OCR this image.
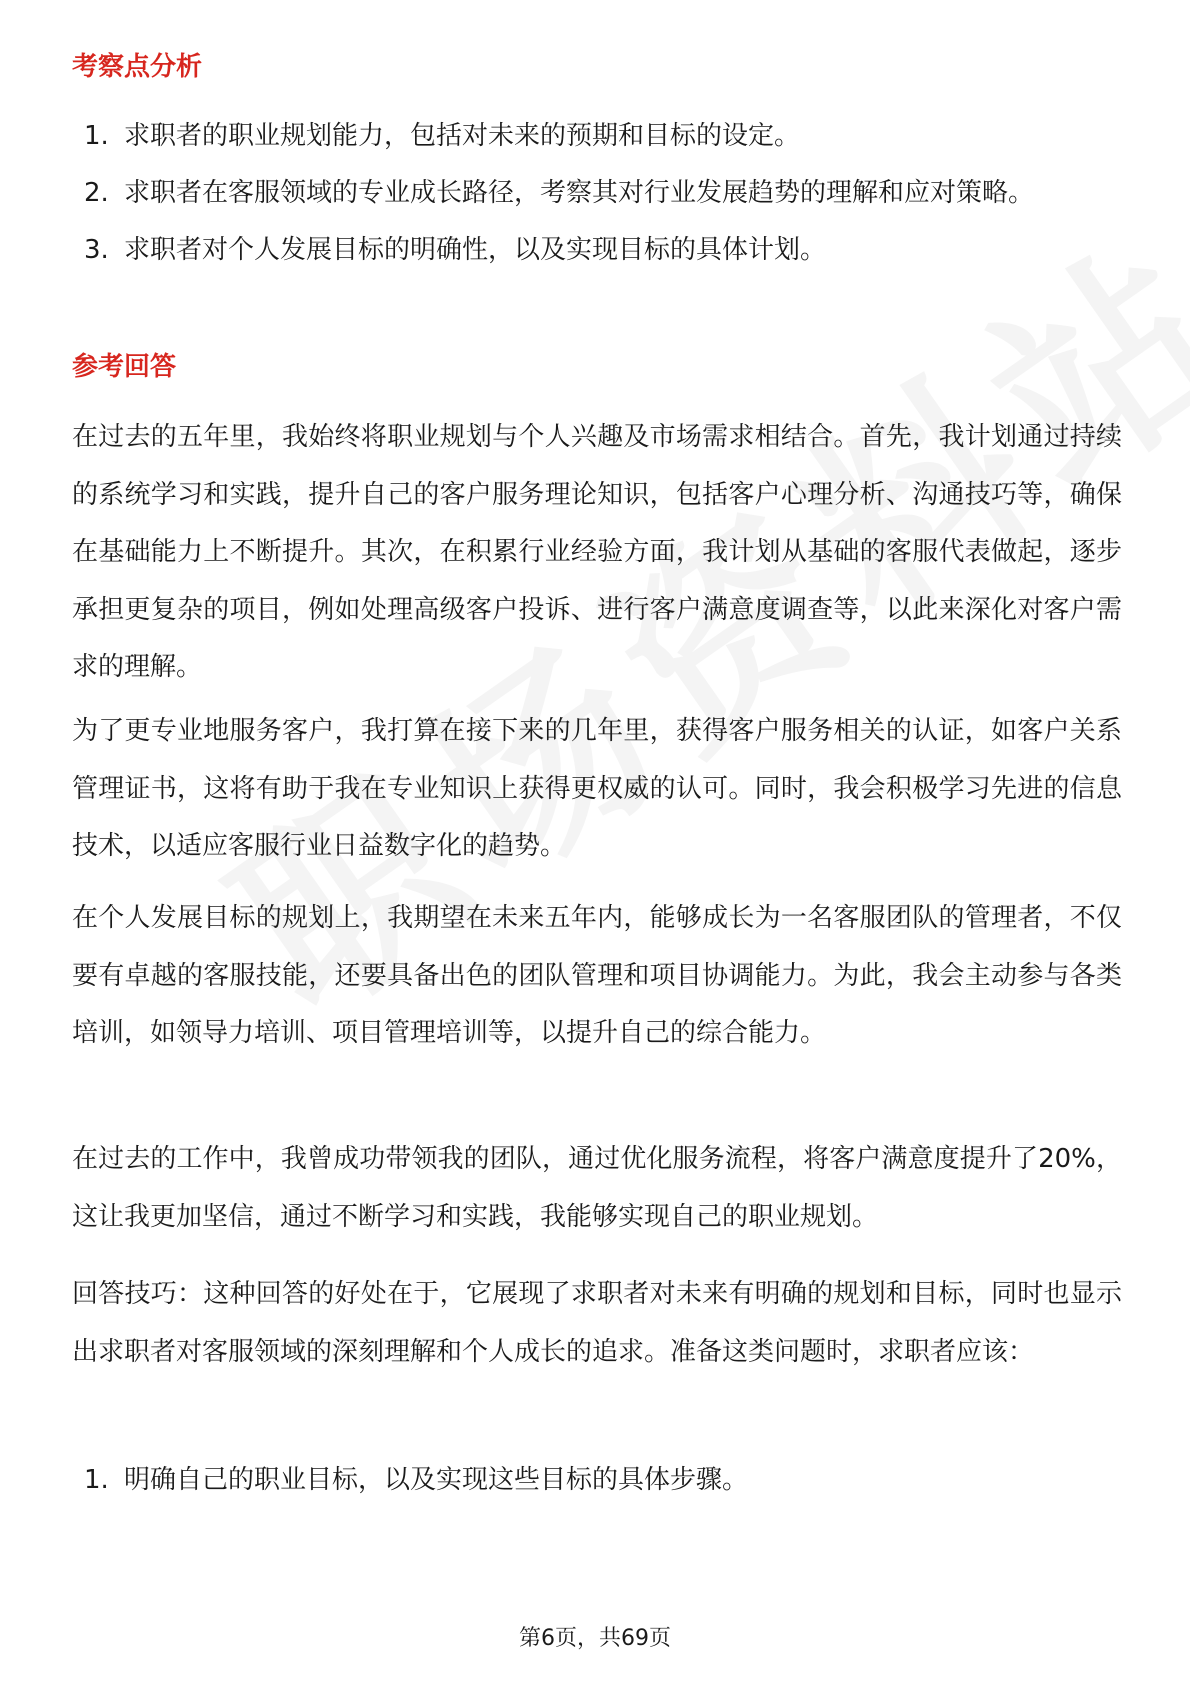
考察点分析
1. 求职者的职业规划能力，包括对未来的预期和目标的设定。
2. 求职者在客服领域的专业成长路径，考察其对行业发展趋势的理解和应对策略。
3. 求职者对个人发展目标的明确性，以及实现目标的具体计划。
参考回答

在过去的五年里，我始终将职业规划与个人兴趣及市场需求相结合。首先，我计划通过持续的系统学习和实践，提升自己的客户服务理论知识，包括客户心理分析、沟通技巧等，确保在基础能力上不断提升。其次，在积累行业经验方面，我计划从基础的客服代表做起，逐步承担更复杂的项目，例如处理高级客户投诉、进行客户满意度调查等，以此来深化对客户需求的理解。

为了更专业地服务客户，我打算在接下来的几年里，获得客户服务相关的认证，如客户关系管理证书，这将有助于我在专业知识上获得更权威的认可。同时，我会积极学习先进的信息技术，以适应客服行业日益数字化的趋势。

在个人发展目标的规划上，我期望在未来五年内，能够成长为一名客服团队的管理者，不仅要有卓越的客服技能，还要具备出色的团队管理和项目协调能力。为此，我会主动参与各类培训，如领导力培训、项目管理培训等，以提升自己的综合能力。

在过去的工作中，我曾成功带领我的团队，通过优化服务流程，将客户满意度提升了20%，这让我更加坚信，通过不断学习和实践，我能够实现自己的职业规划。

回答技巧：这种回答的好处在于，它展现了求职者对未来有明确的规划和目标，同时也显示出求职者对客服领域的深刻理解和个人成长的追求。准备这类问题时，求职者应该：

1. 明确自己的职业目标，以及实现这些目标的具体步骤。
第6页，共69页
